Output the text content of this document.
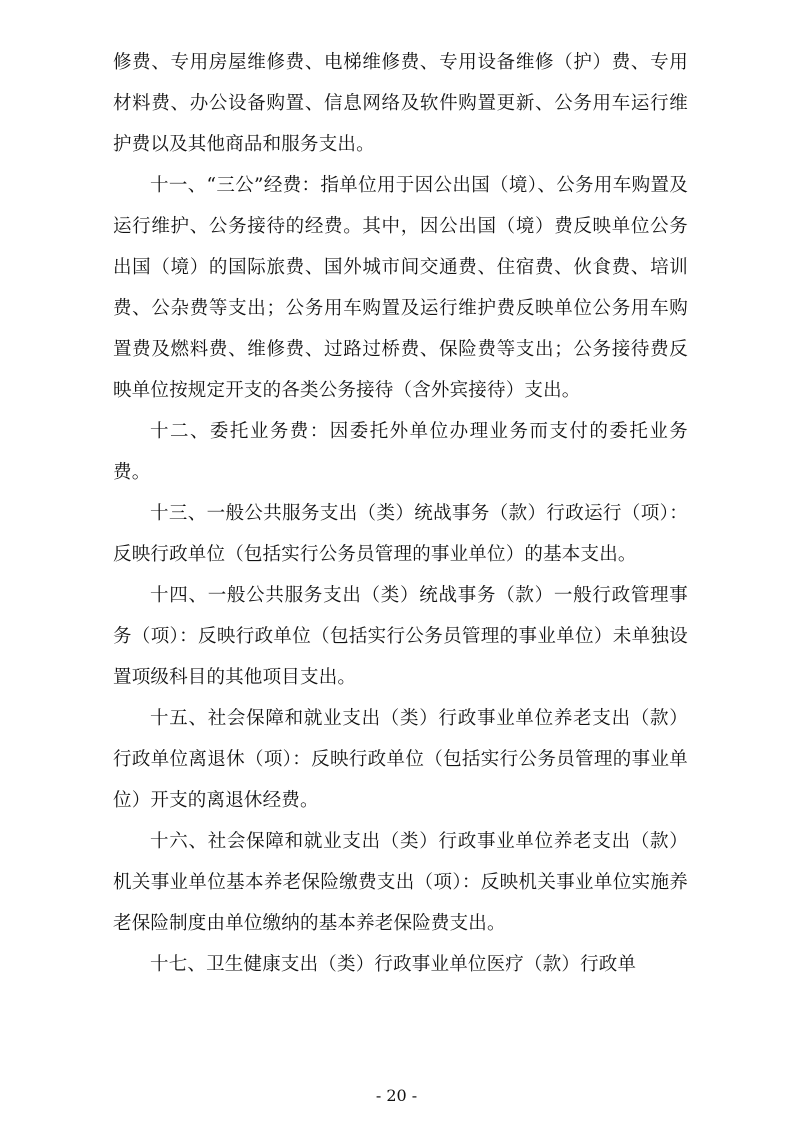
修费、专用房屋维修费、电梯维修费、专用设备维修（护）费、专用材料费、办公设备购置、信息网络及软件购置更新、公务用车运行维护费以及其他商品和服务支出。

十一、“三公”经费：指单位用于因公出国（境）、公务用车购置及运行维护、公务接待的经费。其中，因公出国（境）费反映单位公务出国（境）的国际旅费、国外城市间交通费、住宿费、伙食费、培训费、公杂费等支出；公务用车购置及运行维护费反映单位公务用车购置费及燃料费、维修费、过路过桥费、保险费等支出；公务接待费反映单位按规定开支的各类公务接待（含外宾接待）支出。

十二、委托业务费：因委托外单位办理业务而支付的委托业务费。

十三、一般公共服务支出（类）统战事务（款）行政运行（项）：反映行政单位（包括实行公务员管理的事业单位）的基本支出。

十四、一般公共服务支出（类）统战事务（款）一般行政管理事务（项）：反映行政单位（包括实行公务员管理的事业单位）未单独设置项级科目的其他项目支出。

十五、社会保障和就业支出（类）行政事业单位养老支出（款）行政单位离退休（项）：反映行政单位（包括实行公务员管理的事业单位）开支的离退休经费。

十六、社会保障和就业支出（类）行政事业单位养老支出（款）机关事业单位基本养老保险缴费支出（项）：反映机关事业单位实施养老保险制度由单位缴纳的基本养老保险费支出。

十七、卫生健康支出（类）行政事业单位医疗（款）行政单

- 20 -
